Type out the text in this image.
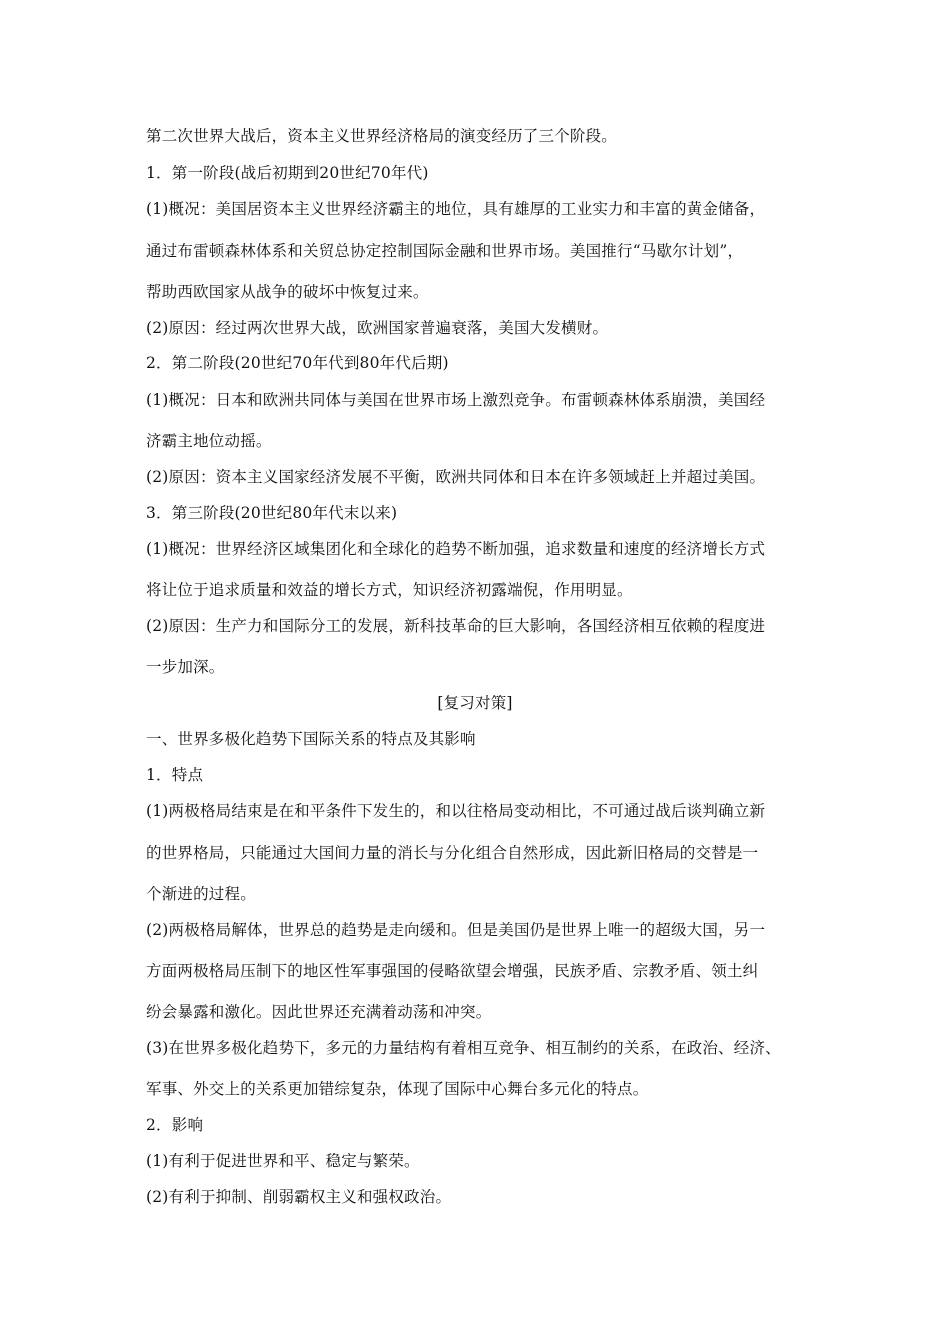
第二次世界大战后，资本主义世界经济格局的演变经历了三个阶段。
1．第一阶段(战后初期到20世纪70年代)
(1)概况：美国居资本主义世界经济霸主的地位，具有雄厚的工业实力和丰富的黄金储备，
通过布雷顿森林体系和关贸总协定控制国际金融和世界市场。美国推行“马歇尔计划”，
帮助西欧国家从战争的破坏中恢复过来。
(2)原因：经过两次世界大战，欧洲国家普遍衰落，美国大发横财。
2．第二阶段(20世纪70年代到80年代后期)
(1)概况：日本和欧洲共同体与美国在世界市场上激烈竞争。布雷顿森林体系崩溃，美国经
济霸主地位动摇。
(2)原因：资本主义国家经济发展不平衡，欧洲共同体和日本在许多领域赶上并超过美国。
3．第三阶段(20世纪80年代末以来)
(1)概况：世界经济区域集团化和全球化的趋势不断加强，追求数量和速度的经济增长方式
将让位于追求质量和效益的增长方式，知识经济初露端倪，作用明显。
(2)原因：生产力和国际分工的发展，新科技革命的巨大影响，各国经济相互依赖的程度进
一步加深。
[复习对策]
一、世界多极化趋势下国际关系的特点及其影响
1．特点
(1)两极格局结束是在和平条件下发生的，和以往格局变动相比，不可通过战后谈判确立新
的世界格局，只能通过大国间力量的消长与分化组合自然形成，因此新旧格局的交替是一
个渐进的过程。
(2)两极格局解体，世界总的趋势是走向缓和。但是美国仍是世界上唯一的超级大国，另一
方面两极格局压制下的地区性军事强国的侵略欲望会增强，民族矛盾、宗教矛盾、领土纠
纷会暴露和激化。因此世界还充满着动荡和冲突。
(3)在世界多极化趋势下，多元的力量结构有着相互竞争、相互制约的关系，在政治、经济、
军事、外交上的关系更加错综复杂，体现了国际中心舞台多元化的特点。
2．影响
(1)有利于促进世界和平、稳定与繁荣。
(2)有利于抑制、削弱霸权主义和强权政治。
